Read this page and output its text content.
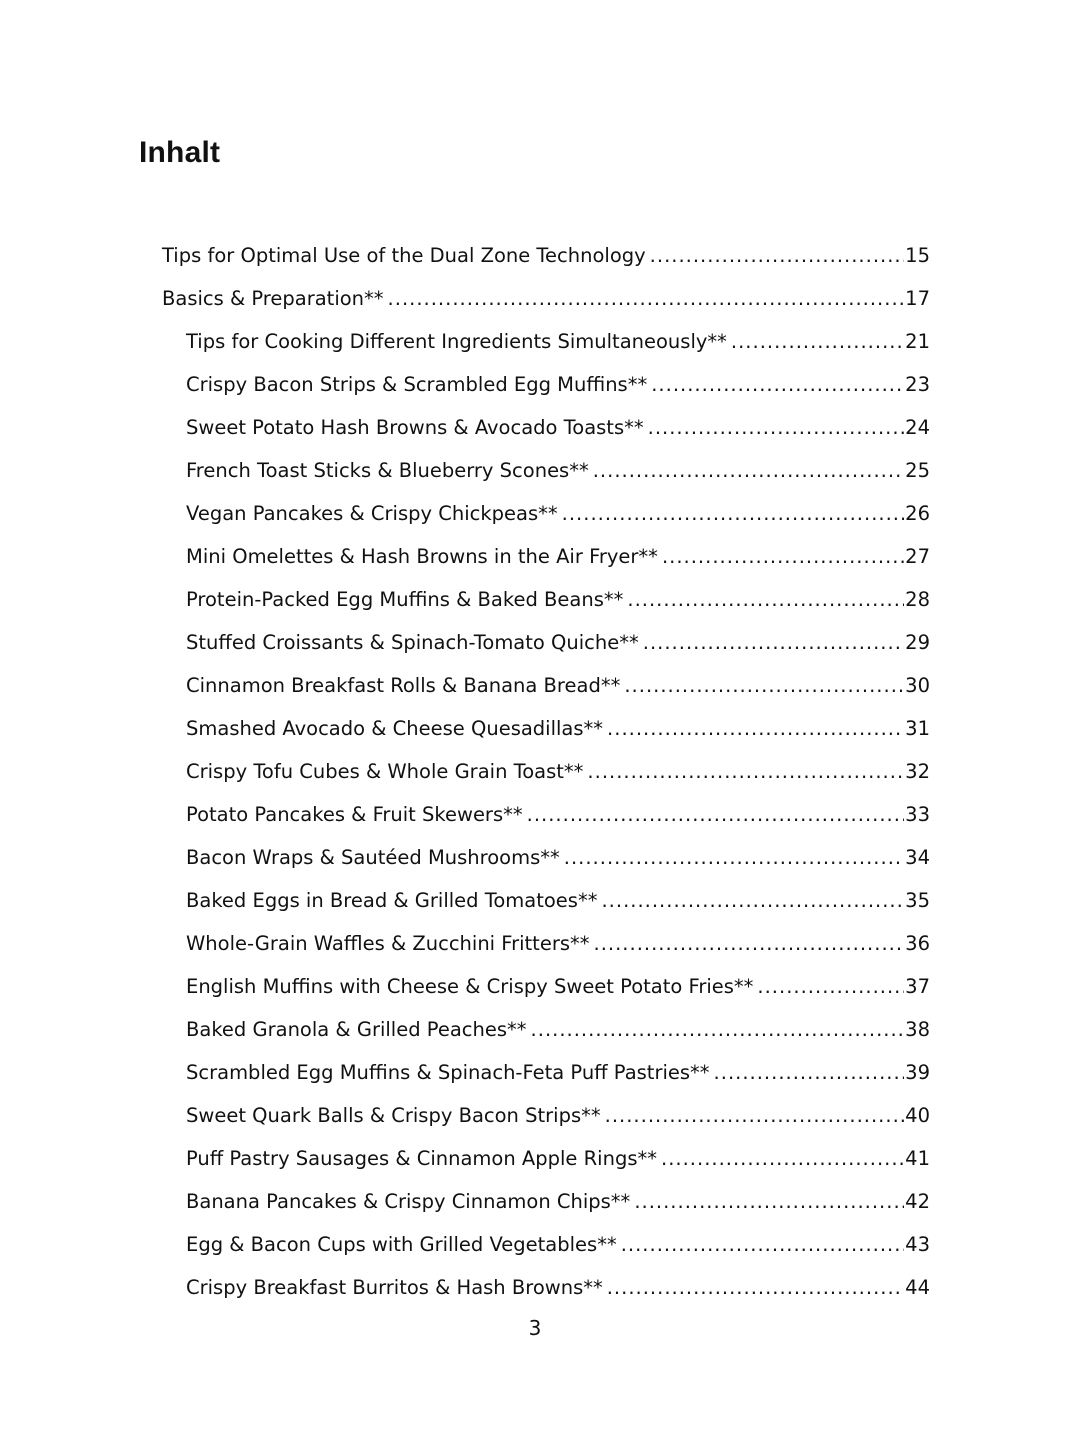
Inhalt
Tips for Optimal Use of the Dual Zone Technology .....	15
Basics & Preparation** .....	17
Tips for Cooking Different Ingredients Simultaneously** .....	21
Crispy Bacon Strips & Scrambled Egg Muffins** .....	23
Sweet Potato Hash Browns & Avocado Toasts** .....	24
French Toast Sticks & Blueberry Scones** .....	25
Vegan Pancakes & Crispy Chickpeas** .....	26
Mini Omelettes & Hash Browns in the Air Fryer** .....	27
Protein-Packed Egg Muffins & Baked Beans** .....	28
Stuffed Croissants & Spinach-Tomato Quiche** .....	29
Cinnamon Breakfast Rolls & Banana Bread** .....	30
Smashed Avocado & Cheese Quesadillas** .....	31
Crispy Tofu Cubes & Whole Grain Toast** .....	32
Potato Pancakes & Fruit Skewers** .....	33
Bacon Wraps & Sautéed Mushrooms** .....	34
Baked Eggs in Bread & Grilled Tomatoes** .....	35
Whole-Grain Waffles & Zucchini Fritters** .....	36
English Muffins with Cheese & Crispy Sweet Potato Fries** .....	37
Baked Granola & Grilled Peaches** .....	38
Scrambled Egg Muffins & Spinach-Feta Puff Pastries** .....	39
Sweet Quark Balls & Crispy Bacon Strips** .....	40
Puff Pastry Sausages & Cinnamon Apple Rings** .....	41
Banana Pancakes & Crispy Cinnamon Chips** .....	42
Egg & Bacon Cups with Grilled Vegetables** .....	43
Crispy Breakfast Burritos & Hash Browns** .....	44
3
